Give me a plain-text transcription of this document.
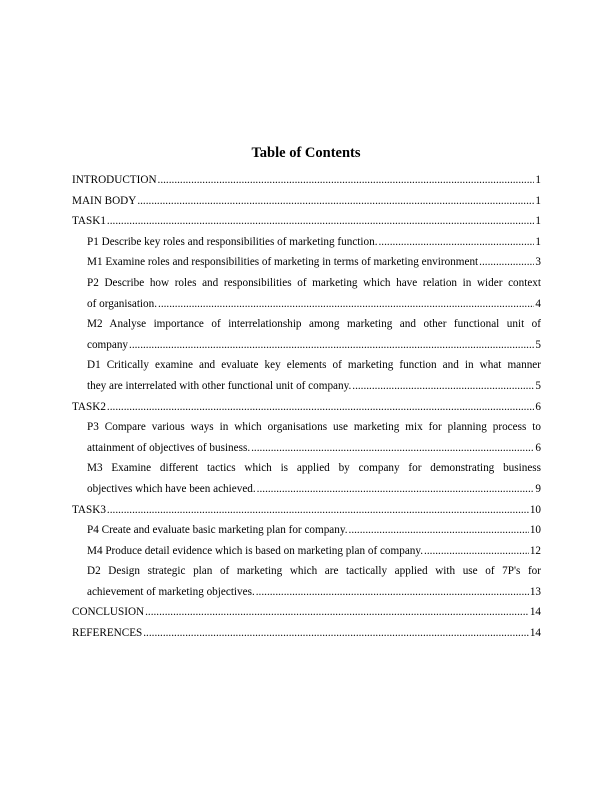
Table of Contents
INTRODUCTION .....	1
MAIN BODY .....	1
TASK1 .....	1
P1 Describe key roles and responsibilities of marketing function. .....	1
M1 Examine roles and responsibilities of marketing in terms of marketing environment .....	3
P2 Describe how roles and responsibilities of marketing which have relation in wider context
of organisation. .....	4
M2 Analyse importance of interrelationship among marketing and other functional unit of
company .....	5
D1 Critically examine and evaluate key elements of marketing function and in what manner
they are interrelated with other functional unit of company. .....	5
TASK2 .....	6
P3 Compare various ways in which organisations use marketing mix for planning process to
attainment of objectives of business. .....	6
M3 Examine different tactics which is applied by company for demonstrating business
objectives which have been achieved. .....	9
TASK3 .....	10
P4 Create and evaluate basic marketing plan for company. .....	10
M4 Produce detail evidence which is based on marketing plan of company. .....	12
D2 Design strategic plan of marketing which are tactically applied with use of 7P's for
achievement of marketing objectives. .....	13
CONCLUSION .....	14
REFERENCES .....	14
